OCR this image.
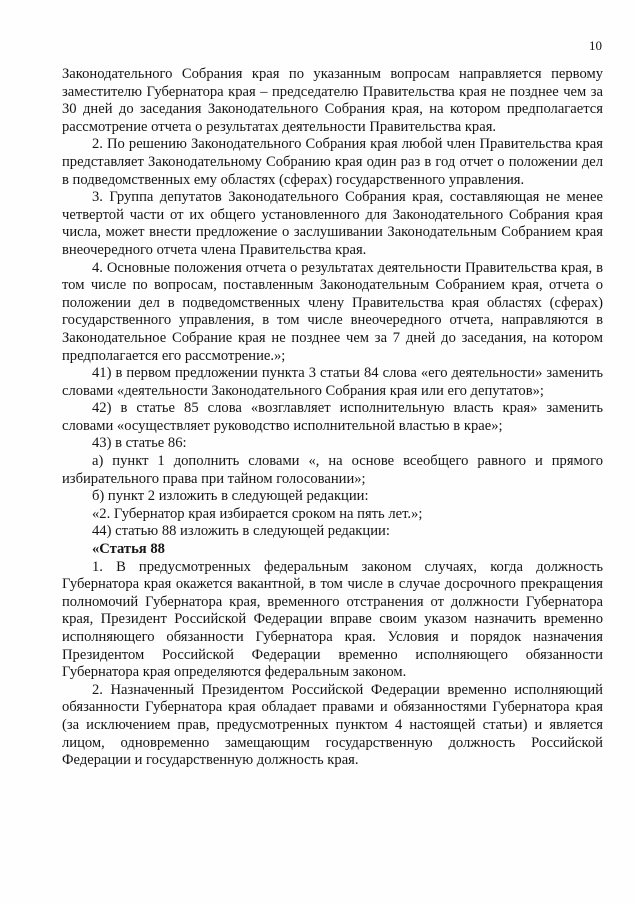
10

Законодательного Собрания края по указанным вопросам направляется первому заместителю Губернатора края – председателю Правительства края не позднее чем за 30 дней до заседания Законодательного Собрания края, на котором предполагается рассмотрение отчета о результатах деятельности Правительства края.

2. По решению Законодательного Собрания края любой член Правительства края представляет Законодательному Собранию края один раз в год отчет о положении дел в подведомственных ему областях (сферах) государственного управления.

3. Группа депутатов Законодательного Собрания края, составляющая не менее четвертой части от их общего установленного для Законодательного Собрания края числа, может внести предложение о заслушивании Законодательным Собранием края внеочередного отчета члена Правительства края.

4. Основные положения отчета о результатах деятельности Правительства края, в том числе по вопросам, поставленным Законодательным Собранием края, отчета о положении дел в подведомственных члену Правительства края областях (сферах) государственного управления, в том числе внеочередного отчета, направляются в Законодательное Собрание края не позднее чем за 7 дней до заседания, на котором предполагается его рассмотрение.»;

41) в первом предложении пункта 3 статьи 84 слова «его деятельности» заменить словами «деятельности Законодательного Собрания края или его депутатов»;

42) в статье 85 слова «возглавляет исполнительную власть края» заменить словами «осуществляет руководство исполнительной властью в крае»;

43) в статье 86:

а) пункт 1 дополнить словами «, на основе всеобщего равного и прямого избирательного права при тайном голосовании»;

б) пункт 2 изложить в следующей редакции:

«2. Губернатор края избирается сроком на пять лет.»;

44) статью 88 изложить в следующей редакции:

«Статья 88

1. В предусмотренных федеральным законом случаях, когда должность Губернатора края окажется вакантной, в том числе в случае досрочного прекращения полномочий Губернатора края, временного отстранения от должности Губернатора края, Президент Российской Федерации вправе своим указом назначить временно исполняющего обязанности Губернатора края. Условия и порядок назначения Президентом Российской Федерации временно исполняющего обязанности Губернатора края определяются федеральным законом.

2. Назначенный Президентом Российской Федерации временно исполняющий обязанности Губернатора края обладает правами и обязанностями Губернатора края (за исключением прав, предусмотренных пунктом 4 настоящей статьи) и является лицом, одновременно замещающим государственную должность Российской Федерации и государственную должность края.
